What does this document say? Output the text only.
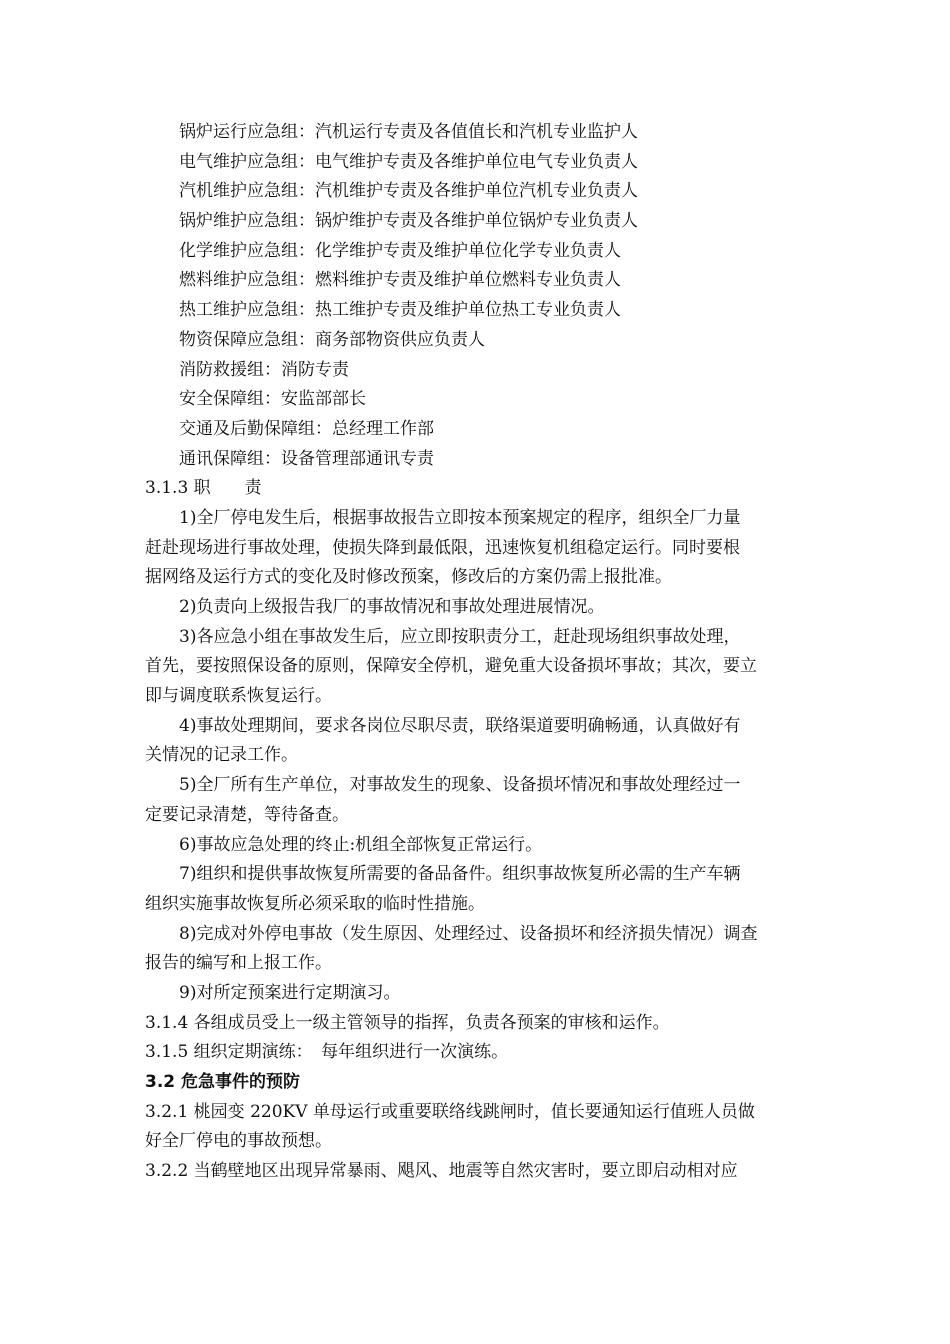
锅炉运行应急组：汽机运行专责及各值值长和汽机专业监护人
电气维护应急组：电气维护专责及各维护单位电气专业负责人
汽机维护应急组：汽机维护专责及各维护单位汽机专业负责人
锅炉维护应急组：锅炉维护专责及各维护单位锅炉专业负责人
化学维护应急组：化学维护专责及维护单位化学专业负责人
燃料维护应急组：燃料维护专责及维护单位燃料专业负责人
热工维护应急组：热工维护专责及维护单位热工专业负责人
物资保障应急组：商务部物资供应负责人
消防救援组：消防专责
安全保障组：安监部部长
交通及后勤保障组：总经理工作部
通讯保障组：设备管理部通讯专责
3.1.3 职　　责
1)全厂停电发生后，根据事故报告立即按本预案规定的程序，组织全厂力量
赶赴现场进行事故处理，使损失降到最低限，迅速恢复机组稳定运行。同时要根
据网络及运行方式的变化及时修改预案，修改后的方案仍需上报批准。
2)负责向上级报告我厂的事故情况和事故处理进展情况。
3)各应急小组在事故发生后，应立即按职责分工，赶赴现场组织事故处理，
首先，要按照保设备的原则，保障安全停机，避免重大设备损坏事故；其次，要立
即与调度联系恢复运行。
4)事故处理期间，要求各岗位尽职尽责，联络渠道要明确畅通，认真做好有
关情况的记录工作。
5)全厂所有生产单位，对事故发生的现象、设备损坏情况和事故处理经过一
定要记录清楚，等待备查。
6)事故应急处理的终止:机组全部恢复正常运行。
7)组织和提供事故恢复所需要的备品备件。组织事故恢复所必需的生产车辆
组织实施事故恢复所必须采取的临时性措施。
8)完成对外停电事故（发生原因、处理经过、设备损坏和经济损失情况）调查
报告的编写和上报工作。
9)对所定预案进行定期演习。
3.1.4 各组成员受上一级主管领导的指挥，负责各预案的审核和运作。
3.1.5 组织定期演练：　每年组织进行一次演练。
3.2 危急事件的预防
3.2.1 桃园变 220KV 单母运行或重要联络线跳闸时，值长要通知运行值班人员做
好全厂停电的事故预想。
3.2.2 当鹤壁地区出现异常暴雨、飓风、地震等自然灾害时，要立即启动相对应
